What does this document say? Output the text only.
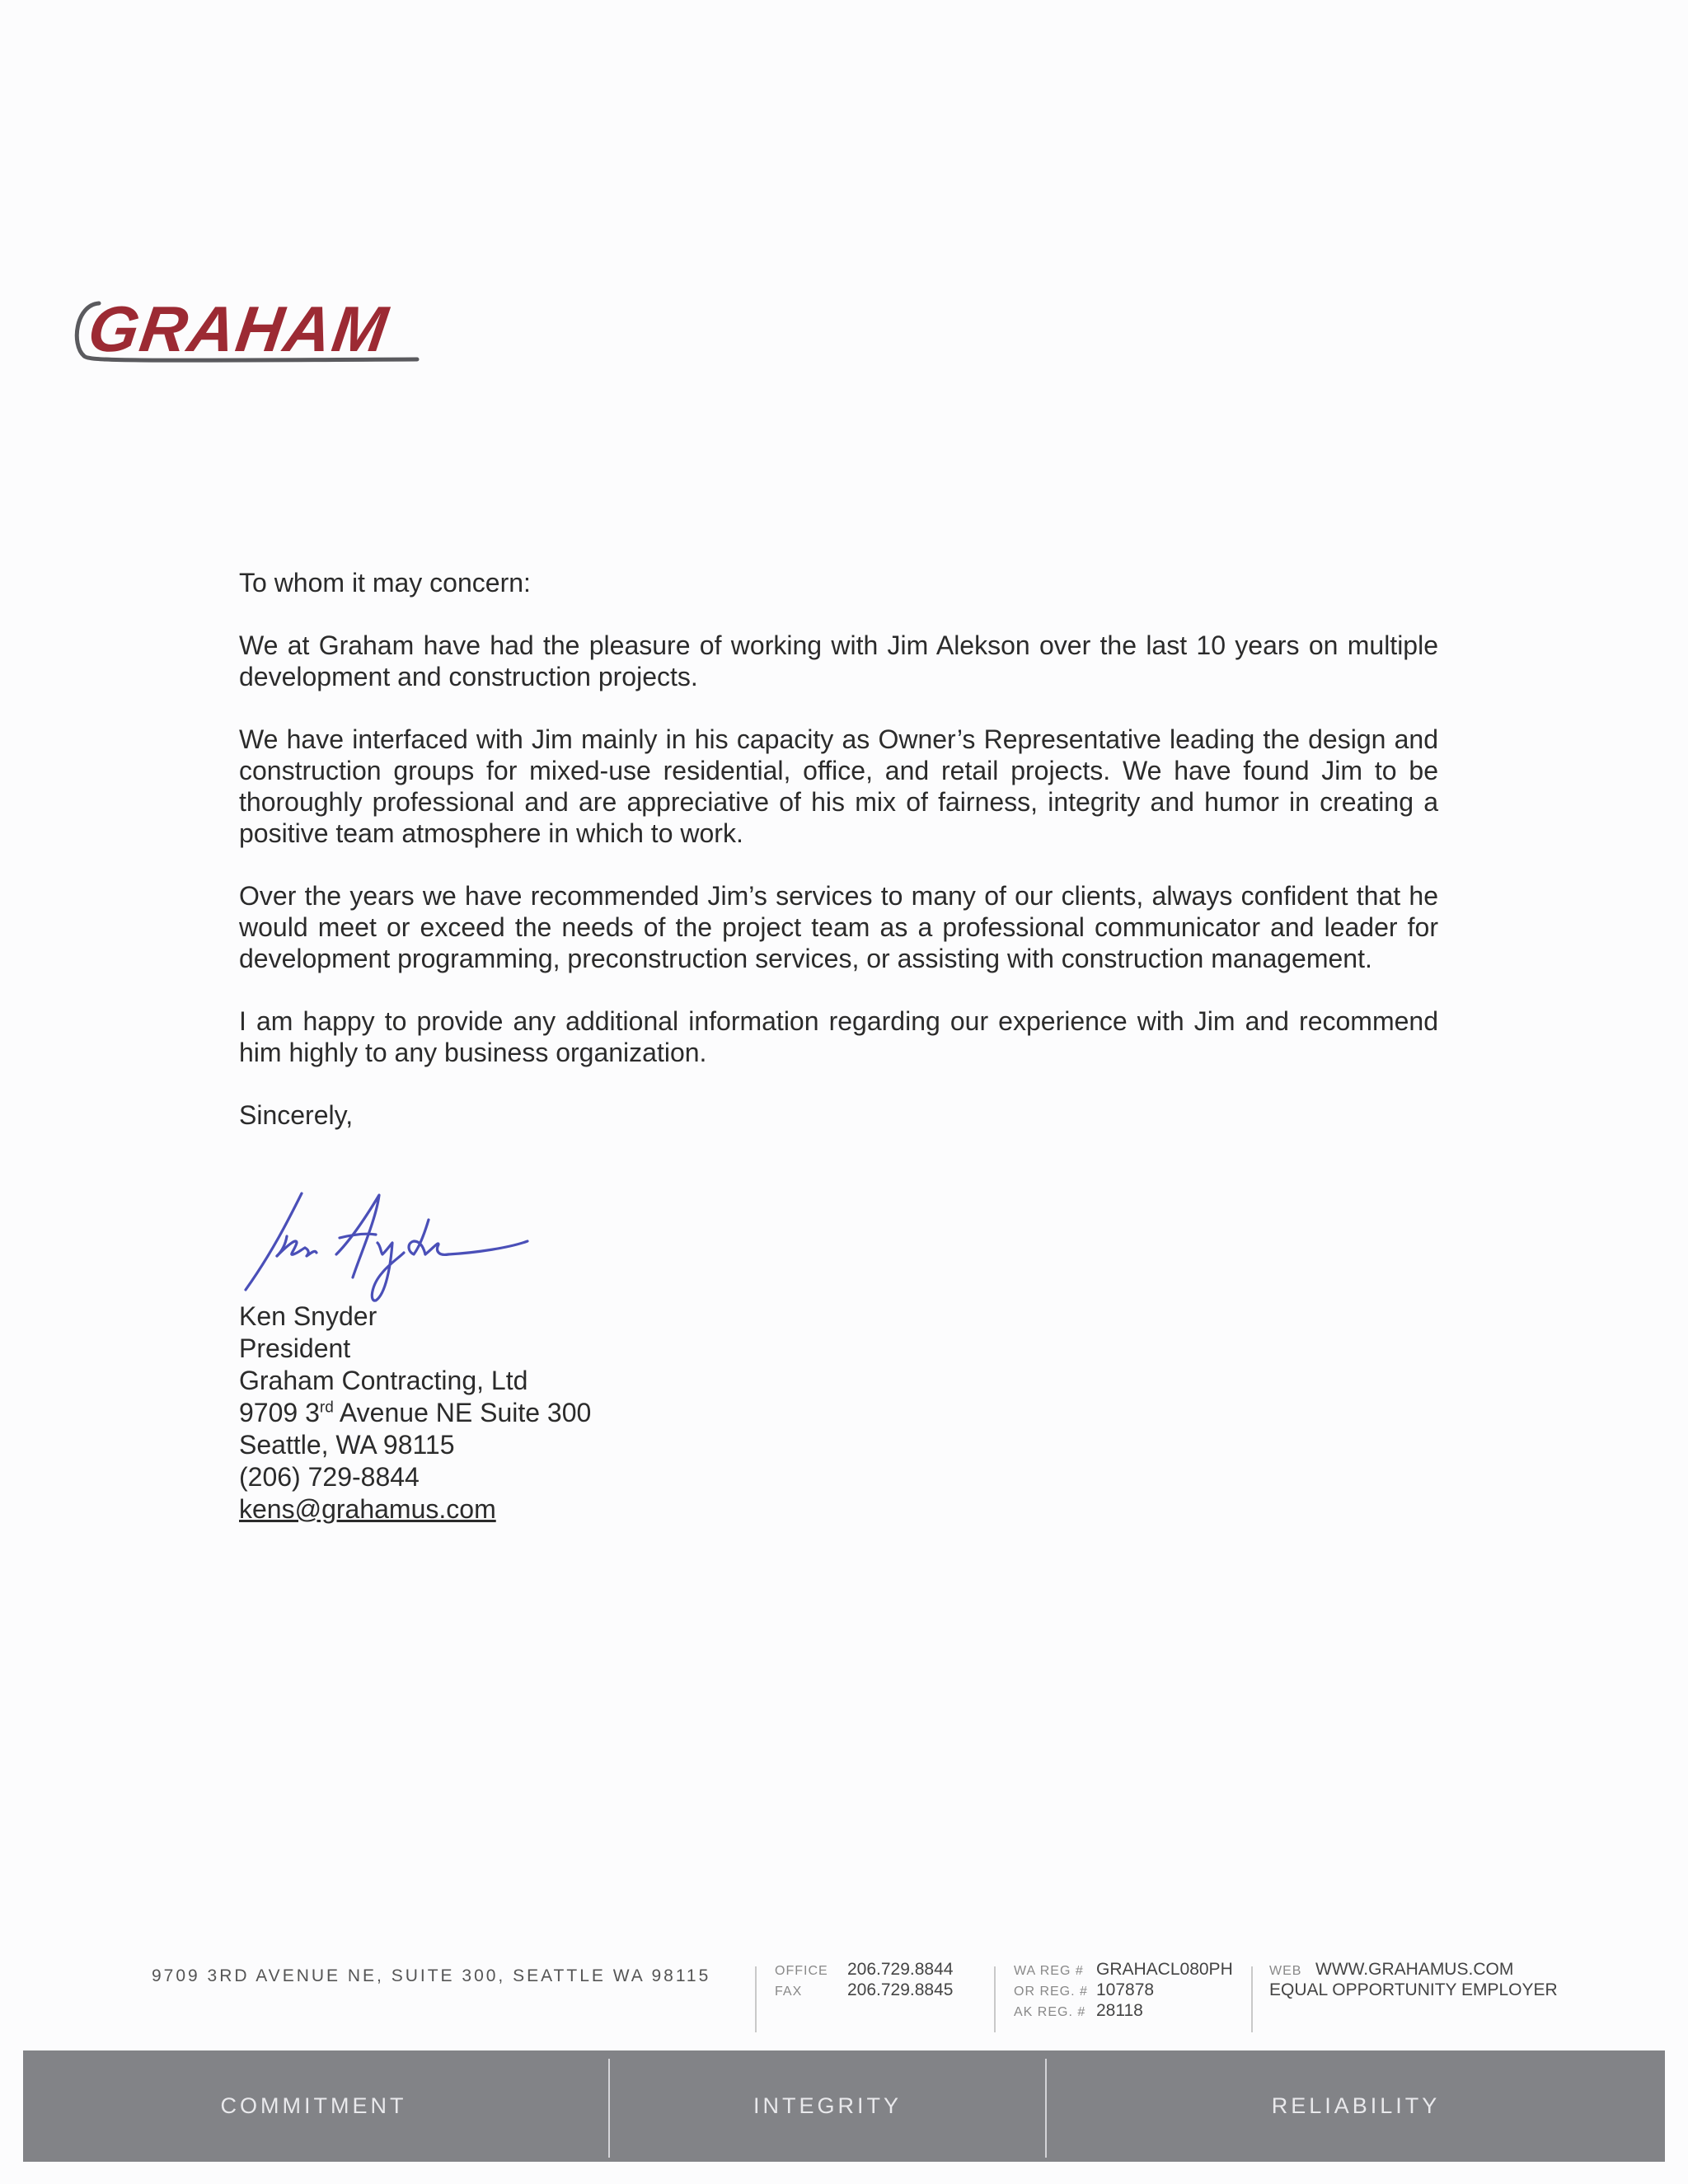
GRAHAM

To whom it may concern:

We at Graham have had the pleasure of working with Jim Alekson over the last 10 years on multiple development and construction projects.

We have interfaced with Jim mainly in his capacity as Owner’s Representative leading the design and construction groups for mixed-use residential, office, and retail projects. We have found Jim to be thoroughly professional and are appreciative of his mix of fairness, integrity and humor in creating a positive team atmosphere in which to work.

Over the years we have recommended Jim’s services to many of our clients, always confident that he would meet or exceed the needs of the project team as a professional communicator and leader for development programming, preconstruction services, or assisting with construction management.

I am happy to provide any additional information regarding our experience with Jim and recommend him highly to any business organization.

Sincerely,

Ken Snyder
President
Graham Contracting, Ltd
9709 3rd Avenue NE Suite 300
Seattle, WA 98115
(206) 729-8844
kens@grahamus.com
9709 3RD AVENUE NE, SUITE 300, SEATTLE WA 98115	OFFICE 206.729.8844
FAX	206.729.8845
WA REG # GRAHACL080PH
OR REG. # 107878
AK REG. # 28118
WEB WWW.GRAHAMUS.COM
EQUAL OPPORTUNITY EMPLOYER
COMMITMENT	INTEGRITY	RELIABILITY
